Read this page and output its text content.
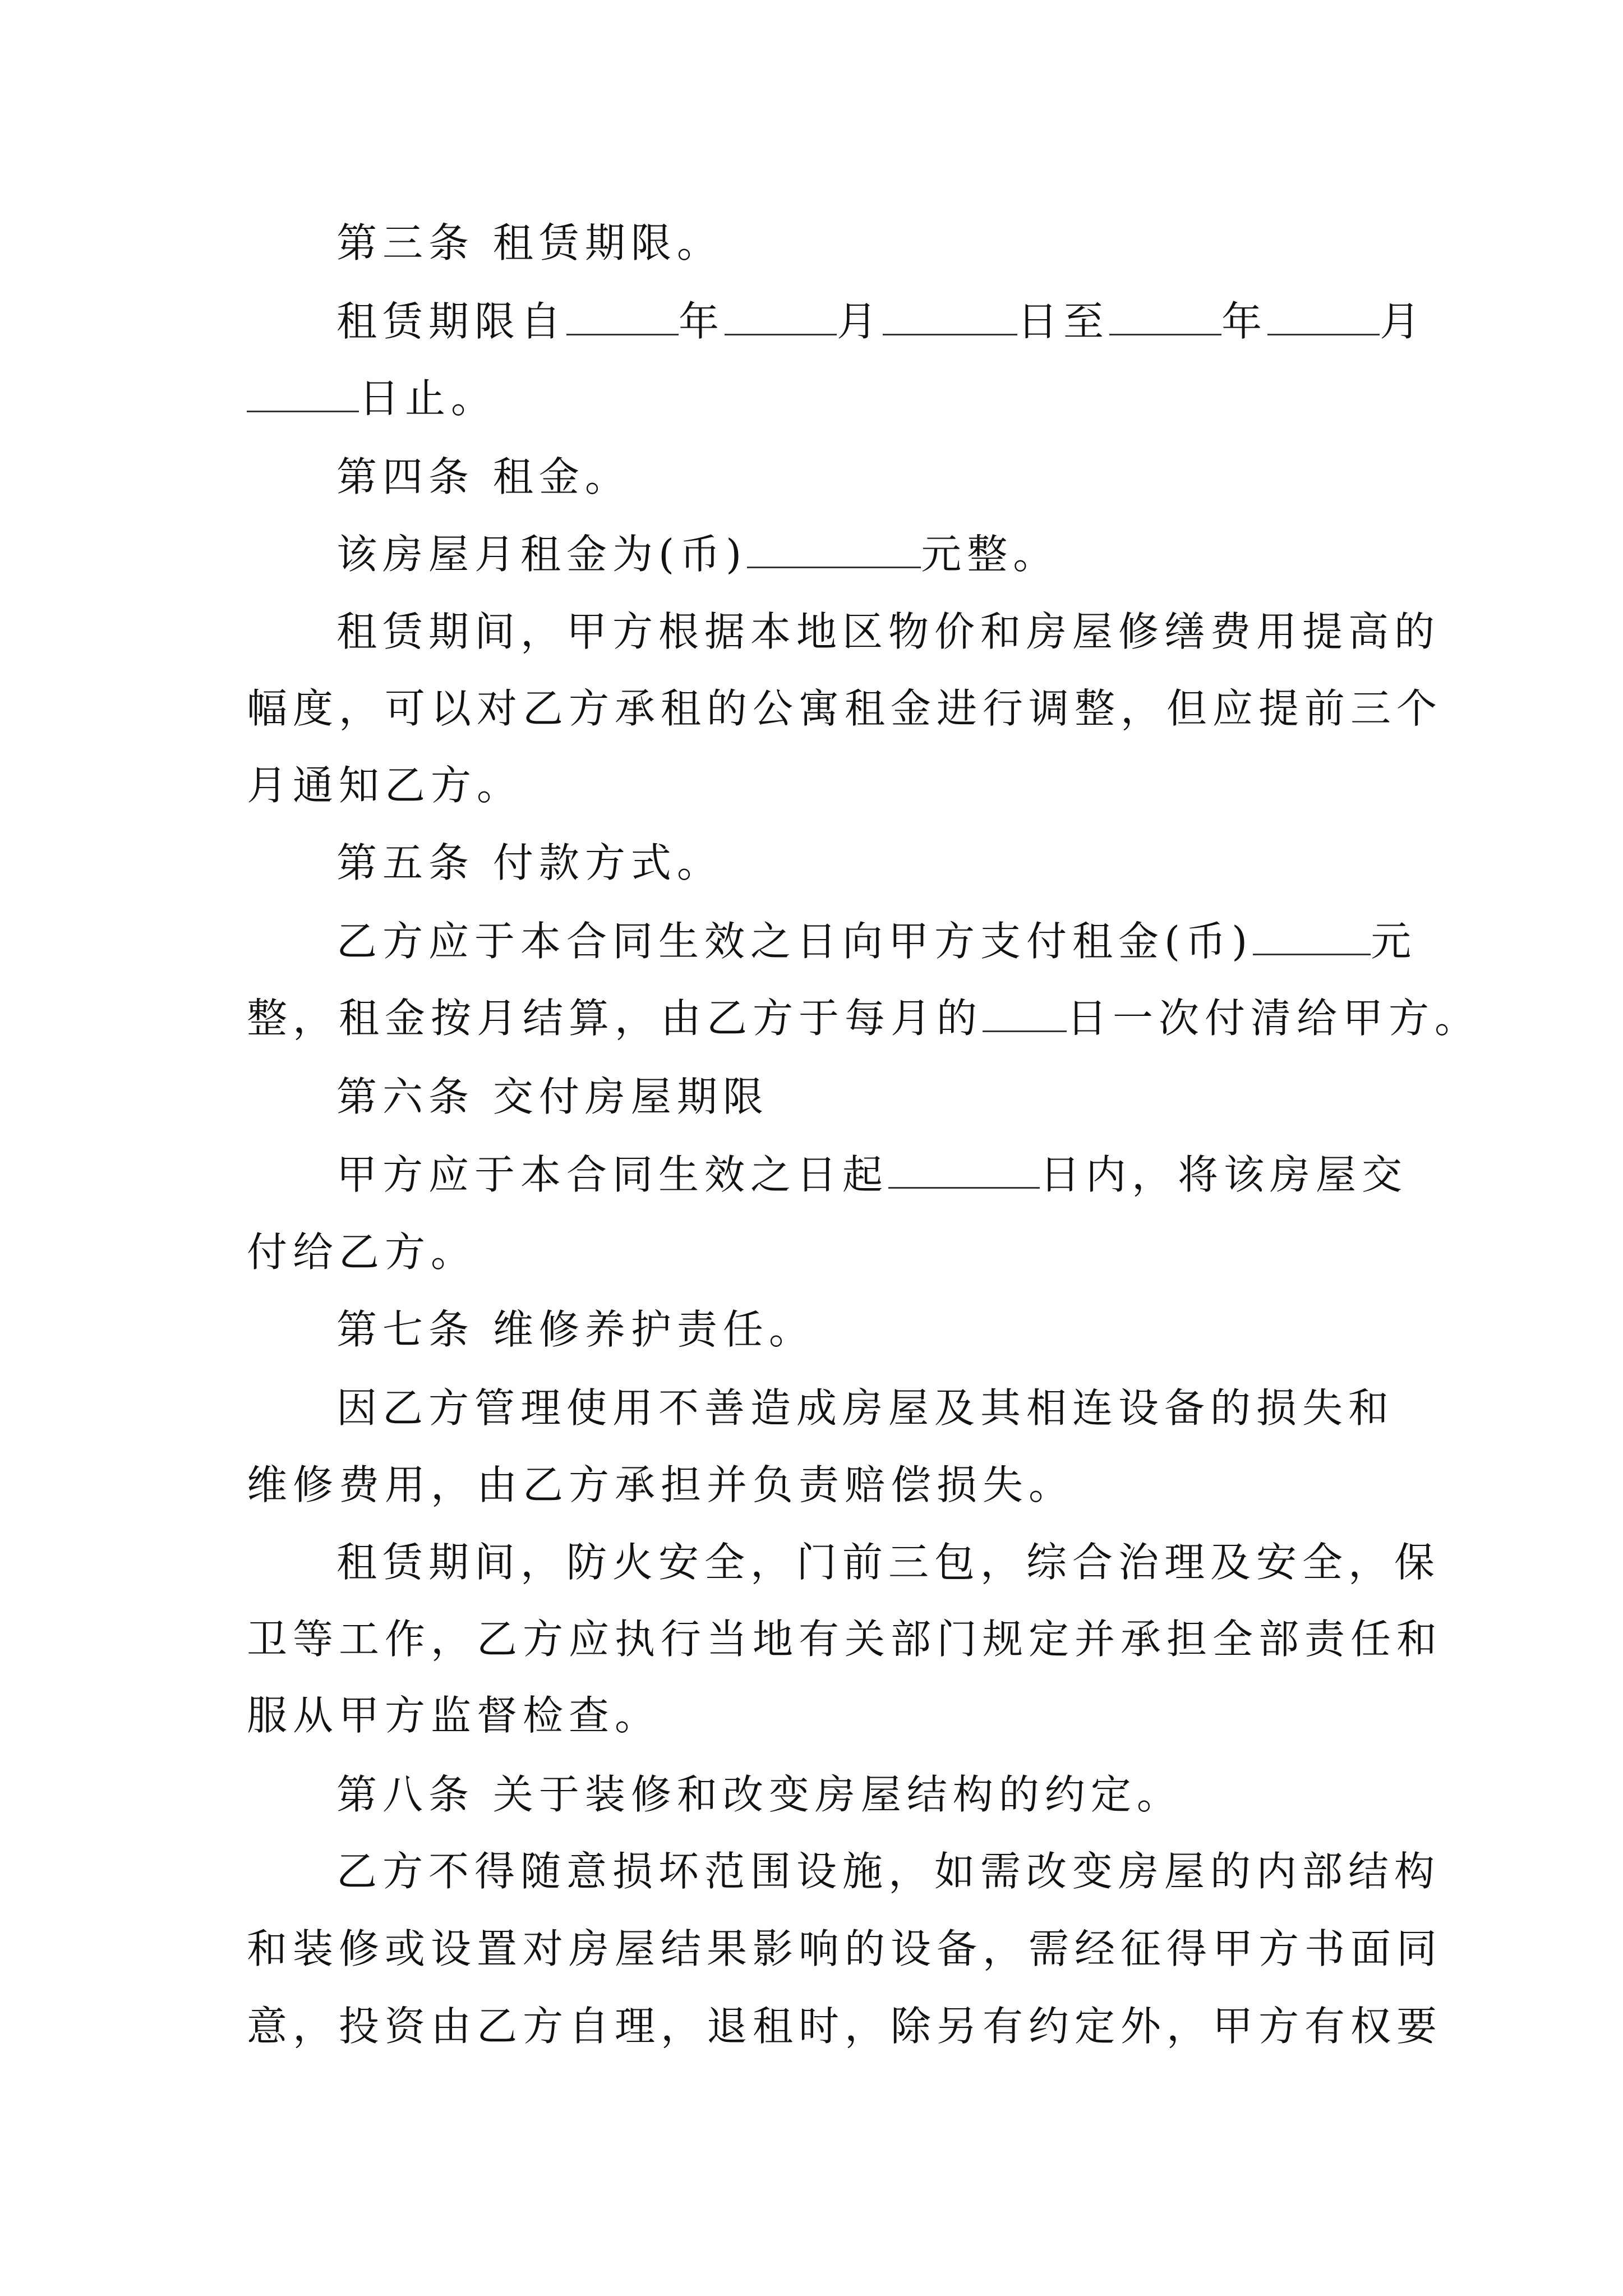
第三条 租赁期限。
租赁期限自	年	月	日至	年	月
日止。
第四条 租金。
该房屋月租金为(币)	元整。
租赁期间，甲方根据本地区物价和房屋修缮费用提高的
幅度，可以对乙方承租的公寓租金进行调整，但应提前三个
月通知乙方。
第五条 付款方式。
乙方应于本合同生效之日向甲方支付租金(币)	元
整，租金按月结算，由乙方于每月的 日一次付清给甲方。
第六条 交付房屋期限
甲方应于本合同生效之日起	日内，将该房屋交
付给乙方。
第七条 维修养护责任。
因乙方管理使用不善造成房屋及其相连设备的损失和
维修费用，由乙方承担并负责赔偿损失。
租赁期间，防火安全，门前三包，综合治理及安全，保
卫等工作，乙方应执行当地有关部门规定并承担全部责任和
服从甲方监督检查。
第八条 关于装修和改变房屋结构的约定。
乙方不得随意损坏范围设施，如需改变房屋的内部结构
和装修或设置对房屋结果影响的设备，需经征得甲方书面同
意，投资由乙方自理，退租时，除另有约定外，甲方有权要
